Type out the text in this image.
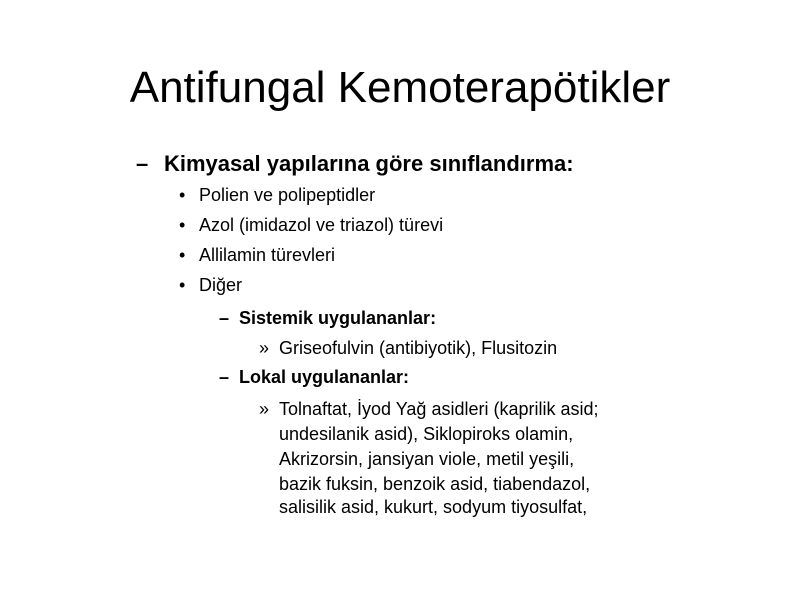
Antifungal Kemoterapötikler
– Kimyasal yapılarına göre sınıflandırma:
• Polien ve polipeptidler
• Azol (imidazol ve triazol) türevi
• Allilamin türevleri
• Diğer
– Sistemik uygulananlar:
» Griseofulvin (antibiyotik), Flusitozin
– Lokal uygulananlar:
» Tolnaftat, İyod Yağ asidleri (kaprilik asid;
undesilanik asid), Siklopiroks olamin,
Akrizorsin, jansiyan viole, metil yeşili,
bazik fuksin, benzoik asid, tiabendazol,
salisilik asid, kukurt, sodyum tiyosulfat,
